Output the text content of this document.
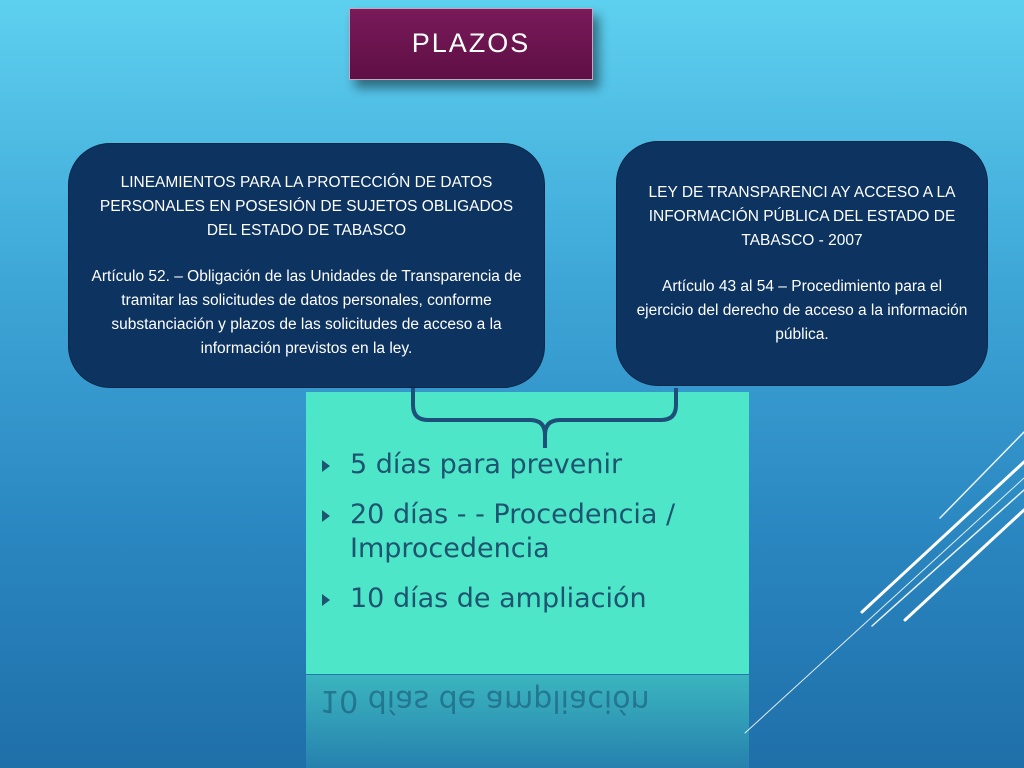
PLAZOS

LINEAMIENTOS PARA LA PROTECCIÓN DE DATOS PERSONALES EN POSESIÓN DE SUJETOS OBLIGADOS DEL ESTADO DE TABASCO

Artículo 52. – Obligación de las Unidades de Transparencia de tramitar las solicitudes de datos personales, conforme substanciación y plazos de las solicitudes de acceso a la información previstos en la ley.

LEY DE TRANSPARENCI AY ACCESO A LA INFORMACIÓN PÚBLICA DEL ESTADO DE TABASCO - 2007

Artículo 43 al 54 – Procedimiento para el ejercicio del derecho de acceso a la información pública.

10 días de ampliación
5 días para prevenir
20 días - - Procedencia / Improcedencia
10 días de ampliación
